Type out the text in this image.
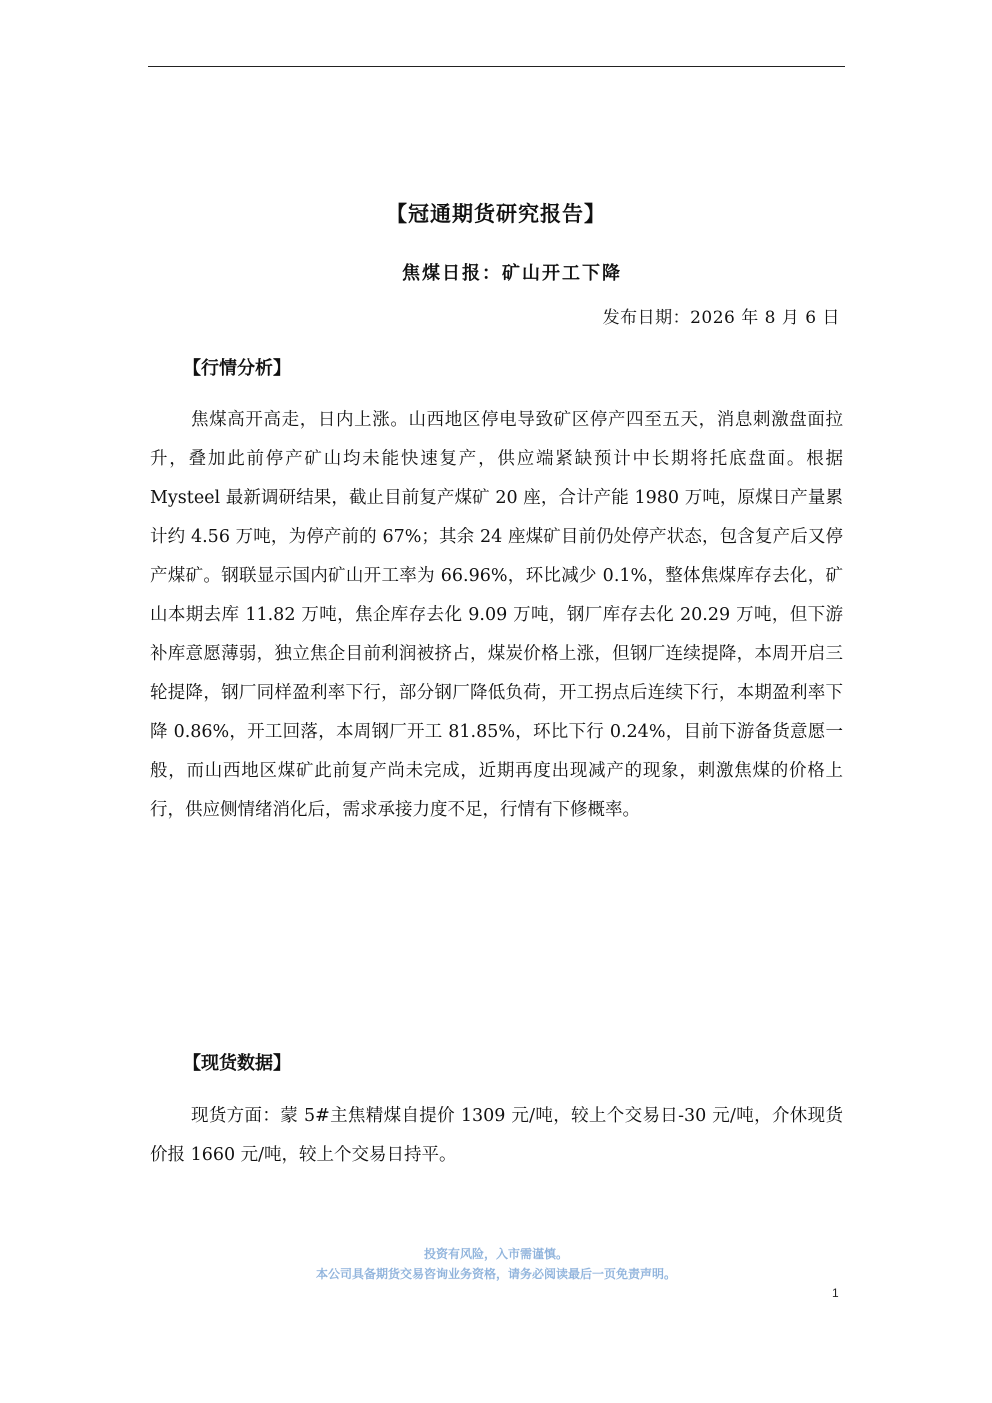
【冠通期货研究报告】
焦煤日报：矿山开工下降
发布日期：2026 年 8 月 6 日
【行情分析】

焦煤高开高走，日内上涨。山西地区停电导致矿区停产四至五天，消息刺激盘面拉升，叠加此前停产矿山均未能快速复产，供应端紧缺预计中长期将托底盘面。根据 Mysteel 最新调研结果，截止目前复产煤矿 20 座，合计产能 1980 万吨，原煤日产量累计约 4.56 万吨，为停产前的 67%；其余 24 座煤矿目前仍处停产状态，包含复产后又停产煤矿。钢联显示国内矿山开工率为 66.96%，环比减少 0.1%，整体焦煤库存去化，矿山本期去库 11.82 万吨，焦企库存去化 9.09 万吨，钢厂库存去化 20.29 万吨，但下游补库意愿薄弱，独立焦企目前利润被挤占，煤炭价格上涨，但钢厂连续提降，本周开启三轮提降，钢厂同样盈利率下行，部分钢厂降低负荷，开工拐点后连续下行，本期盈利率下降 0.86%，开工回落，本周钢厂开工 81.85%，环比下行 0.24%，目前下游备货意愿一般，而山西地区煤矿此前复产尚未完成，近期再度出现减产的现象，刺激焦煤的价格上行，供应侧情绪消化后，需求承接力度不足，行情有下修概率。

【现货数据】

现货方面：蒙 5#主焦精煤自提价 1309 元/吨，较上个交易日-30 元/吨，介休现货价报 1660 元/吨，较上个交易日持平。

投资有风险，入市需谨慎。
本公司具备期货交易咨询业务资格，请务必阅读最后一页免责声明。
1
